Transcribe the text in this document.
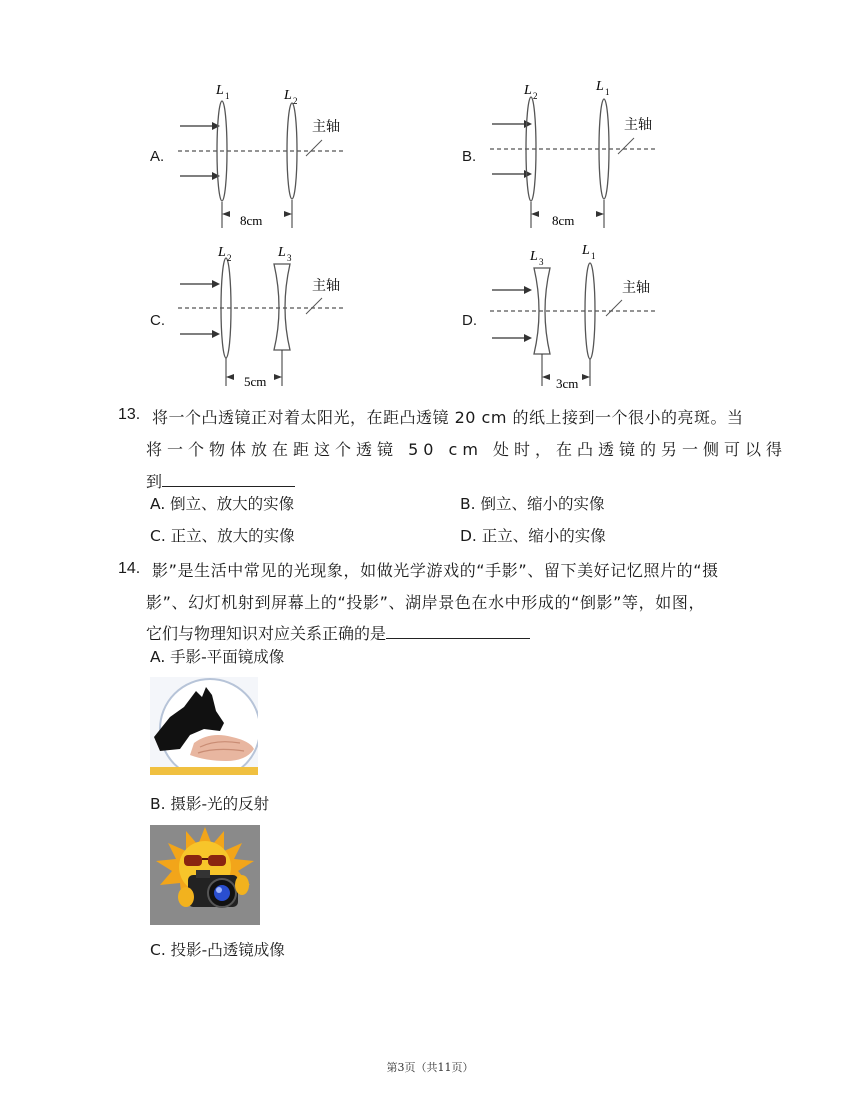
A.
L 1	L 2
主轴
8cm
B.
L 2
L 1
主轴
8cm
C.
L 2	L 3
主轴
5cm
D.
L 3
L 1
主轴
3cm
13. 将一个凸透镜正对着太阳光，在距凸透镜 20 cm 的纸上接到一个很小的亮斑。当
将一个物体放在距这个透镜 50 cm 处时，在凸透镜的另一侧可以得
到
A. 倒立、放大的实像	B. 倒立、缩小的实像
C. 正立、放大的实像	D. 正立、缩小的实像
14. 影”是生活中常见的光现象，如做光学游戏的“手影”、留下美好记忆照片的“摄
影”、幻灯机射到屏幕上的“投影”、湖岸景色在水中形成的“倒影”等，如图，
它们与物理知识对应关系正确的是
A. 手影-平面镜成像
B. 摄影-光的反射
C. 投影-凸透镜成像
第3页（共11页）
